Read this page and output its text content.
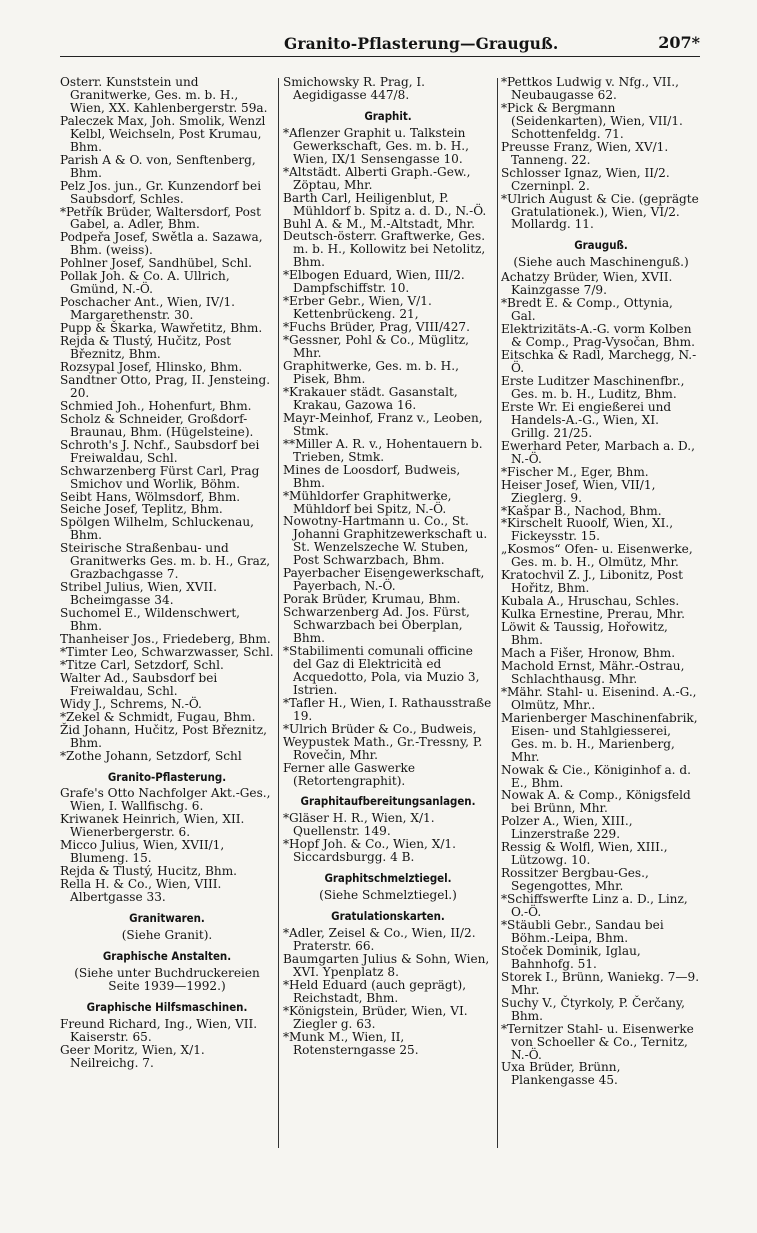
Granito-Pflasterung—Grauguß.	207*
Österr. Kunststein und Granitwerke, Ges. m. b. H., Wien, XX. Kahlenbergerstr. 59a.
Paleczek Max, Joh. Smolik, Wenzl Kelbl, Weichseln, Post Krumau, Bhm.
Parish A & O. von, Senftenberg, Bhm.
Pelz Jos. jun., Gr. Kunzendorf bei Saubsdorf, Schles.
*Petřík Brüder, Waltersdorf, Post Gabel, a. Adler, Bhm.
Podpeřa Josef, Swětla a. Sazawa, Bhm. (weiss).
Pohlner Josef, Sandhübel, Schl.
Pollak Joh. & Co. A. Ullrich, Gmünd, N.-Ö.
Poschacher Ant., Wien, IV/1. Margarethenstr. 30.
Pupp & Škarka, Wawřetitz, Bhm.
Rejda & Tlustý, Hučitz, Post Březnitz, Bhm.
Rozsypal Josef, Hlinsko, Bhm.
Sandtner Otto, Prag, II. Jensteing. 20.
Schmied Joh., Hohenfurt, Bhm.
Scholz & Schneider, Großdorf-Braunau, Bhm. (Hügelsteine).
Schroth's J. Nchf., Saubsdorf bei Freiwaldau, Schl.
Schwarzenberg Fürst Carl, Prag Smichov und Worlik, Böhm.
Seibt Hans, Wölmsdorf, Bhm.
Seiche Josef, Teplitz, Bhm.
Spölgen Wilhelm, Schluckenau, Bhm.
Steirische Straßenbau- und Granitwerks Ges. m. b. H., Graz, Grazbachgasse 7.
Stribel Julius, Wien, XVII. Bcheimgasse 34.
Suchomel E., Wildenschwert, Bhm.
Thanheiser Jos., Friedeberg, Bhm.
*Timter Leo, Schwarzwasser, Schl.
*Titze Carl, Setzdorf, Schl.
Walter Ad., Saubsdorf bei Freiwaldau, Schl.
Widy J., Schrems, N.-Ö.
*Zekel & Schmidt, Fugau, Bhm.
Žid Johann, Hučitz, Post Březnitz, Bhm.
*Zothe Johann, Setzdorf, Schl
Granito-Pflasterung.
Grafe's Otto Nachfolger Akt.-Ges., Wien, I. Wallfischg. 6.
Kriwanek Heinrich, Wien, XII. Wienerbergerstr. 6.
Micco Julius, Wien, XVII/1, Blumeng. 15.
Rejda & Tlustý, Hucitz, Bhm.
Rella H. & Co., Wien, VIII. Albertgasse 33.
Granitwaren.
(Siehe Granit).
Graphische Anstalten.
(Siehe unter Buchdruckereien Seite 1939—1992.)
Graphische Hilfsmaschinen.
Freund Richard, Ing., Wien, VII. Kaiserstr. 65.
Geer Moritz, Wien, X/1. Neilreichg. 7.
Smichowsky R. Prag, I. Aegidigasse 447/8.
Graphit.
*Aflenzer Graphit u. Talkstein Gewerkschaft, Ges. m. b. H., Wien, IX/1 Sensengasse 10.
*Altstädt. Alberti Graph.-Gew., Zöptau, Mhr.
Barth Carl, Heiligenblut, P. Mühldorf b. Spitz a. d. D., N.-Ö.
Buhl A. & M., M.-Altstadt, Mhr.
Deutsch-österr. Graftwerke, Ges. m. b. H., Kollowitz bei Netolitz, Bhm.
*Elbogen Eduard, Wien, III/2. Dampfschiffstr. 10.
*Erber Gebr., Wien, V/1. Kettenbrückeng. 21,
*Fuchs Brüder, Prag, VIII/427.
*Gessner, Pohl & Co., Müglitz, Mhr.
Graphitwerke, Ges. m. b. H., Pisek, Bhm.
*Krakauer städt. Gasanstalt, Krakau, Gazowa 16.
Mayr-Meinhof, Franz v., Leoben, Stmk.
**Miller A. R. v., Hohentauern b. Trieben, Stmk.
Mines de Loosdorf, Budweis, Bhm.
*Mühldorfer Graphitwerke, Mühldorf bei Spitz, N.-Ö.
Nowotny-Hartmann u. Co., St. Johanni Graphitzewerkschaft u. St. Wenzelszeche W. Stuben, Post Schwarzbach, Bhm.
Payerbacher Eisengewerkschaft, Payerbach, N.-Ö.
Porak Brüder, Krumau, Bhm.
Schwarzenberg Ad. Jos. Fürst, Schwarzbach bei Oberplan, Bhm.
*Stabilimenti comunali officine del Gaz di Elektricità ed Acquedotto, Pola, via Muzio 3, Istrien.
*Tafler H., Wien, I. Rathausstraße 19.
*Ulrich Brüder & Co., Budweis,
Weypustek Math., Gr.-Tressny, P. Rovečin, Mhr.
Ferner alle Gaswerke (Retortengraphit).
Graphitaufbereitungsanlagen.
*Gläser H. R., Wien, X/1. Quellenstr. 149.
*Hopf Joh. & Co., Wien, X/1. Siccardsburgg. 4 B.
Graphitschmelztiegel.
(Siehe Schmelztiegel.)
Gratulationskarten.
*Adler, Zeisel & Co., Wien, II/2. Praterstr. 66.
Baumgarten Julius & Sohn, Wien, XVI. Ypenplatz 8.
*Held Eduard (auch geprägt), Reichstadt, Bhm.
*Königstein, Brüder, Wien, VI. Ziegler g. 63.
*Munk M., Wien, II, Rotensterngasse 25.
*Pettkos Ludwig v. Nfg., VII., Neubaugasse 62.
*Pick & Bergmann (Seidenkarten), Wien, VII/1. Schottenfeldg. 71.
Preusse Franz, Wien, XV/1. Tanneng. 22.
Schlosser Ignaz, Wien, II/2. Czerninpl. 2.
*Ulrich August & Cie. (geprägte Gratulationek.), Wien, VI/2. Mollardg. 11.
Grauguß.
(Siehe auch Maschinenguß.)
Achatzy Brüder, Wien, XVII. Kainzgasse 7/9.
*Bredt E. & Comp., Ottynia, Gal.
Elektrizitäts-A.-G. vorm Kolben & Comp., Prag-Vysočan, Bhm.
Eitschka & Radl, Marchegg, N.-Ö.
Erste Luditzer Maschinenfbr., Ges. m. b. H., Luditz, Bhm.
Erste Wr. Ei engießerei und Handels-A.-G., Wien, XI. Grillg. 21/25.
Ewerhard Peter, Marbach a. D., N.-Ö.
*Fischer M., Eger, Bhm.
Heiser Josef, Wien, VII/1, Zieglerg. 9.
*Kašpar B., Nachod, Bhm.
*Kirschelt Ruoolf, Wien, XI., Fickeysstr. 15.
„Kosmos“ Ofen- u. Eisenwerke, Ges. m. b. H., Olmütz, Mhr.
Kratochvil Z. J., Libonitz, Post Hořitz, Bhm.
Kubala A., Hruschau, Schles.
Kulka Ernestine, Prerau, Mhr.
Löwit & Taussig, Hořowitz, Bhm.
Mach a Fišer, Hronow, Bhm.
Machold Ernst, Mähr.-Ostrau, Schlachthausg. Mhr.
*Mähr. Stahl- u. Eisenind. A.-G., Olmütz, Mhr..
Marienberger Maschinenfabrik, Eisen- und Stahlgiesserei, Ges. m. b. H., Marienberg, Mhr.
Nowak & Cie., Königinhof a. d. E., Bhm.
Nowak A. & Comp., Königsfeld bei Brünn, Mhr.
Polzer A., Wien, XIII., Linzerstraße 229.
Ressig & Wolfl, Wien, XIII., Lützowg. 10.
Rossitzer Bergbau-Ges., Segengottes, Mhr.
*Schiffswerfte Linz a. D., Linz, O.-Ö.
*Stäubli Gebr., Sandau bei Böhm.-Leipa, Bhm.
Stoček Dominik, Iglau, Bahnhofg. 51.
Storek I., Brünn, Waniekg. 7—9. Mhr.
Suchy V., Čtyrkoly, P. Čerčany, Bhm.
*Ternitzer Stahl- u. Eisenwerke von Schoeller & Co., Ternitz, N.-Ö.
Uxa Brüder, Brünn, Plankengasse 45.
